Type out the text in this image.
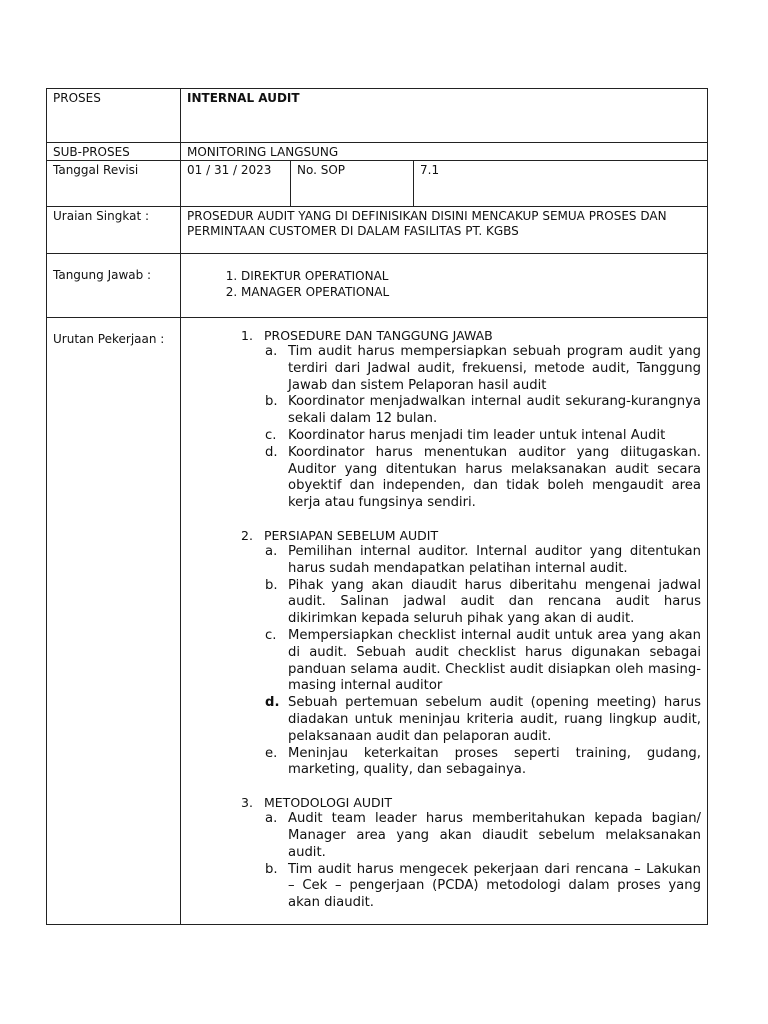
PROSES	INTERNAL AUDIT
SUB-PROSES	MONITORING LANGSUNG
Tanggal Revisi	01 / 31 / 2023	No. SOP	7.1
Uraian Singkat :	PROSEDUR AUDIT YANG DI DEFINISIKAN DISINI MENCAKUP SEMUA PROSES DAN PERMINTAAN CUSTOMER DI DALAM FASILITAS PT. KGBS
Tangung Jawab :
1.	DIREKTUR OPERATIONAL
2. MANAGER OPERATIONAL
Urutan Pekerjaan :	1. PROSEDURE DAN TANGGUNG JAWAB

a. Tim audit harus mempersiapkan sebuah program audit yang terdiri dari Jadwal audit, frekuensi, metode audit, Tanggung Jawab dan sistem Pelaporan hasil audit
b. Koordinator menjadwalkan internal audit sekurang-kurangnya sekali dalam 12 bulan.
c. Koordinator harus menjadi tim leader untuk intenal Audit
d. Koordinator harus menentukan auditor yang diitugaskan. Auditor yang ditentukan harus melaksanakan audit secara obyektif dan independen, dan tidak boleh mengaudit area kerja atau fungsinya sendiri.

2. PERSIAPAN SEBELUM AUDIT

a. Pemilihan internal auditor. Internal auditor yang ditentukan harus sudah mendapatkan pelatihan internal audit.
b. Pihak yang akan diaudit harus diberitahu mengenai jadwal audit. Salinan jadwal audit dan rencana audit harus dikirimkan kepada seluruh pihak yang akan di audit.
c. Mempersiapkan checklist internal audit untuk area yang akan di audit. Sebuah audit checklist harus digunakan sebagai panduan selama audit. Checklist audit disiapkan oleh masing-masing internal auditor
d. Sebuah pertemuan sebelum audit (opening meeting) harus diadakan untuk meninjau kriteria audit, ruang lingkup audit, pelaksanaan audit dan pelaporan audit.
e. Meninjau keterkaitan proses seperti training, gudang, marketing, quality, dan sebagainya.

3. METODOLOGI AUDIT

a. Audit team leader harus memberitahukan kepada bagian/ Manager area yang akan diaudit sebelum melaksanakan audit.
b. Tim audit harus mengecek pekerjaan dari rencana – Lakukan – Cek – pengerjaan (PCDA) metodologi dalam proses yang akan diaudit.
